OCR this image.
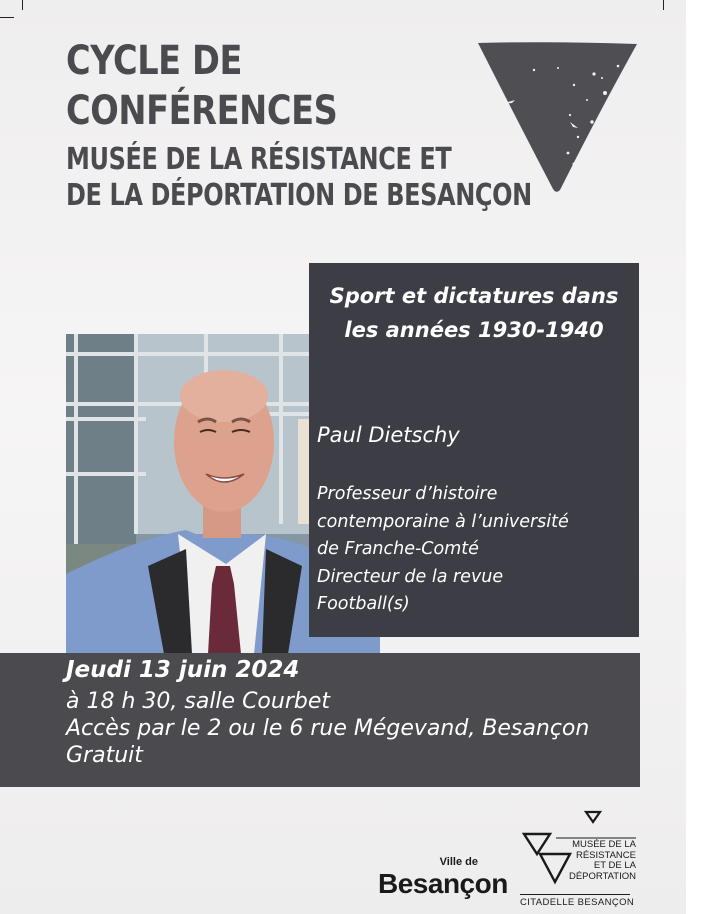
CYCLE DE
CONFÉRENCES
MUSÉE DE LA RÉSISTANCE ET
DE LA DÉPORTATION DE BESANÇON
Sport et dictatures dans
les années 1930-1940
Paul Dietschy
Professeur d’histoire
contemporaine à l’université
de Franche-Comté
Directeur de la revue
Football(s)
Jeudi 13 juin 2024
à 18 h 30, salle Courbet
Accès par le 2 ou le 6 rue Mégevand, Besançon
Gratuit
Ville de
Besançon
MUSÉE DE LA
RÉSISTANCE
ET DE LA
DÉPORTATION
CITADELLE BESANÇON
